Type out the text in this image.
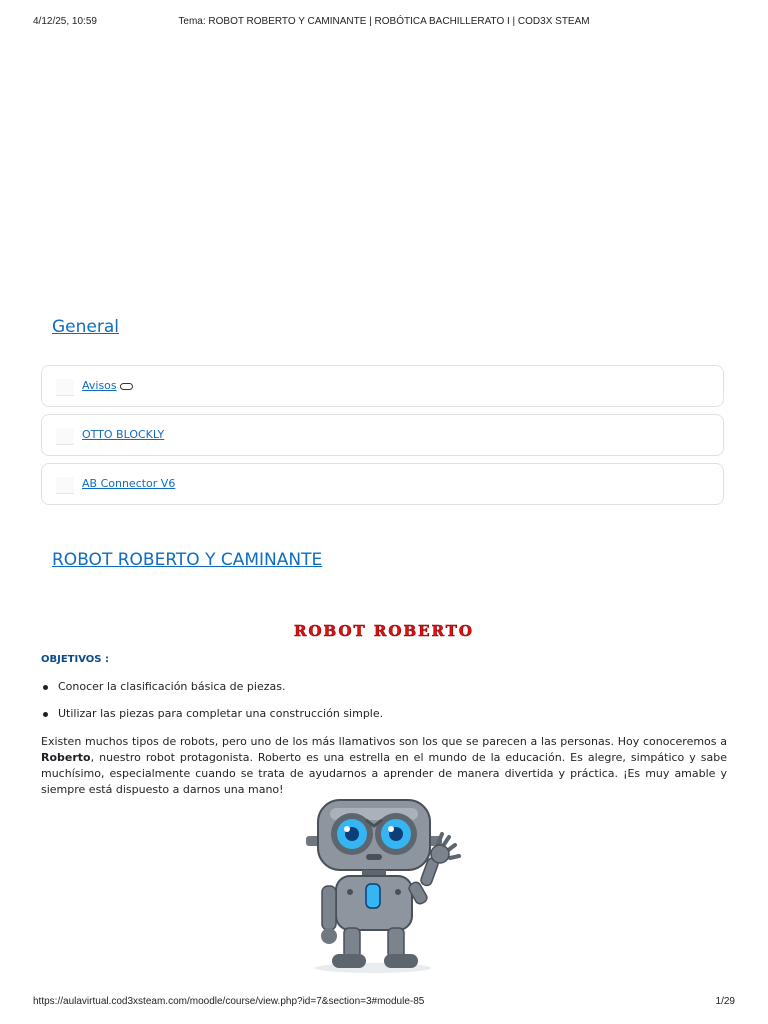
4/12/25, 10:59	Tema: ROBOT ROBERTO Y CAMINANTE | ROBÓTICA BACHILLERATO I | COD3X STEAM
General
Avisos
OTTO BLOCKLY
AB Connector V6
ROBOT ROBERTO Y CAMINANTE
ROBOT ROBERTO
OBJETIVOS :
Conocer la clasificación básica de piezas.
Utilizar las piezas para completar una construcción simple.
Existen muchos tipos de robots, pero uno de los más llamativos son los que se parecen a las personas. Hoy conoceremos a Roberto, nuestro robot protagonista. Roberto es una estrella en el mundo de la educación. Es alegre, simpático y sabe muchísimo, especialmente cuando se trata de ayudarnos a aprender de manera divertida y práctica. ¡Es muy amable y siempre está dispuesto a darnos una mano!
https://aulavirtual.cod3xsteam.com/moodle/course/view.php?id=7&section=3#module-85	1/29
